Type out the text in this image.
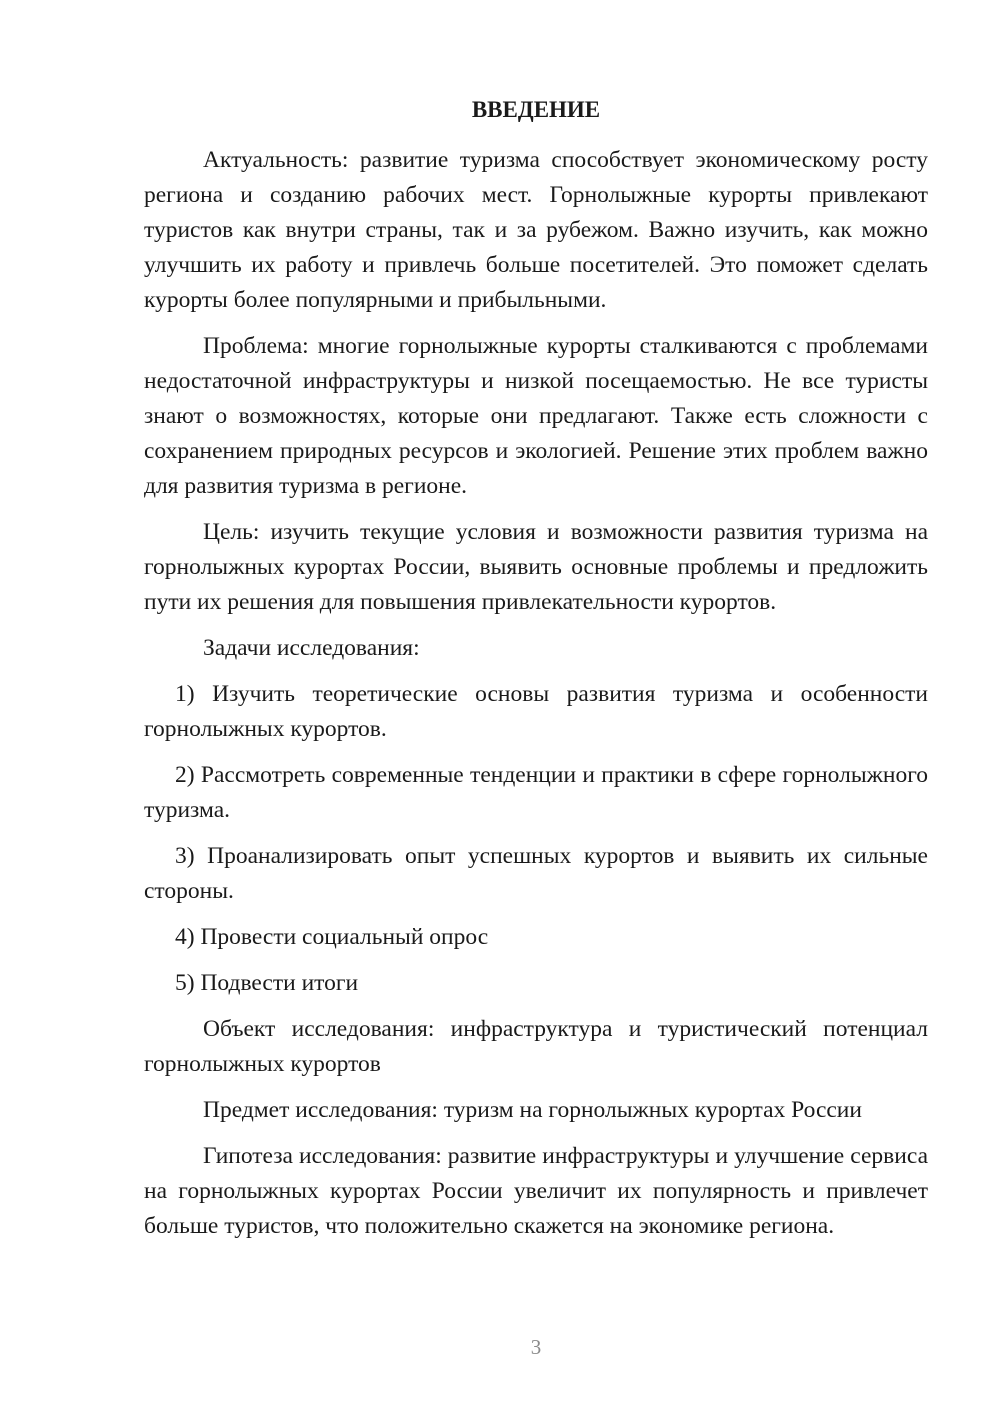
ВВЕДЕНИЕ

Актуальность: развитие туризма способствует экономическому росту региона и созданию рабочих мест. Горнолыжные курорты привлекают туристов как внутри страны, так и за рубежом. Важно изучить, как можно улучшить их работу и привлечь больше посетителей. Это поможет сделать курорты более популярными и прибыльными.

Проблема: многие горнолыжные курорты сталкиваются с проблемами недостаточной инфраструктуры и низкой посещаемостью. Не все туристы знают о возможностях, которые они предлагают. Также есть сложности с сохранением природных ресурсов и экологией. Решение этих проблем важно для развития туризма в регионе.

Цель: изучить текущие условия и возможности развития туризма на горнолыжных курортах России, выявить основные проблемы и предложить пути их решения для повышения привлекательности курортов.

Задачи исследования:

1) Изучить теоретические основы развития туризма и особенности горнолыжных курортов.

2) Рассмотреть современные тенденции и практики в сфере горнолыжного туризма.

3) Проанализировать опыт успешных курортов и выявить их сильные стороны.

4) Провести социальный опрос

5) Подвести итоги

Объект исследования: инфраструктура и туристический потенциал горнолыжных курортов

Предмет исследования: туризм на горнолыжных курортах России

Гипотеза исследования: развитие инфраструктуры и улучшение сервиса на горнолыжных курортах России увеличит их популярность и привлечет больше туристов, что положительно скажется на экономике региона.

3
